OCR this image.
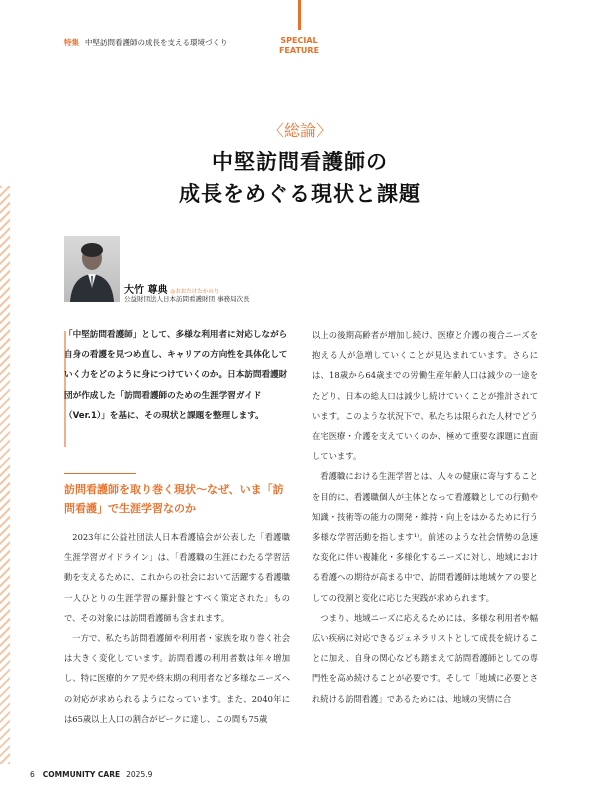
特集 中堅訪問看護師の成長を支える環境づくり	SPECIAL
FEATURE
〈総論〉
中堅訪問看護師の
成長をめぐる現状と課題
大竹 尊典 ◎おおたけたかのり
公益財団法人日本訪問看護財団 事務局次長
「中堅訪問看護師」として、多様な利用者に対応しながら自身の看護を見つめ直し、キャリアの方向性を具体化していく力をどのように身につけていくのか。日本訪問看護財団が作成した「訪問看護師のための生涯学習ガイド（Ver.1）」を基に、その現状と課題を整理します。
訪問看護師を取り巻く現状〜なぜ、いま「訪問看護」で生涯学習なのか

2023年に公益社団法人日本看護協会が公表した「看護職生涯学習ガイドライン」は、「看護職の生涯にわたる学習活動を支えるために、これからの社会において活躍する看護職一人ひとりの生涯学習の羅針盤とすべく策定された」もので、その対象には訪問看護師も含まれます。

一方で、私たち訪問看護師や利用者・家族を取り巻く社会は大きく変化しています。訪問看護の利用者数は年々増加し、特に医療的ケア児や終末期の利用者など多様なニーズへの対応が求められるようになっています。また、2040年には65歳以上人口の割合がピークに達し、この間も75歳

以上の後期高齢者が増加し続け、医療と介護の複合ニーズを抱える人が急増していくことが見込まれています。さらには、18歳から64歳までの労働生産年齢人口は減少の一途をたどり、日本の総人口は減少し続けていくことが推計されています。このような状況下で、私たちは限られた人材でどう在宅医療・介護を支えていくのか、極めて重要な課題に直面しています。

看護職における生涯学習とは、人々の健康に寄与することを目的に、看護職個人が主体となって看護職としての行動や知識・技術等の能力の開発・維持・向上をはかるために行う多様な学習活動を指します¹⁾。前述のような社会情勢の急速な変化に伴い複雑化・多様化するニーズに対し、地域における看護への期待が高まる中で、訪問看護師は地域ケアの要としての役割と変化に応じた実践が求められます。

つまり、地域ニーズに応えるためには、多様な利用者や幅広い疾病に対応できるジェネラリストとして成長を続けることに加え、自身の関心なども踏まえて訪問看護師としての専門性を高め続けることが必要です。そして「地域に必要とされ続ける訪問看護」であるためには、地域の実情に合

6 COMMUNITY CARE 2025.9
